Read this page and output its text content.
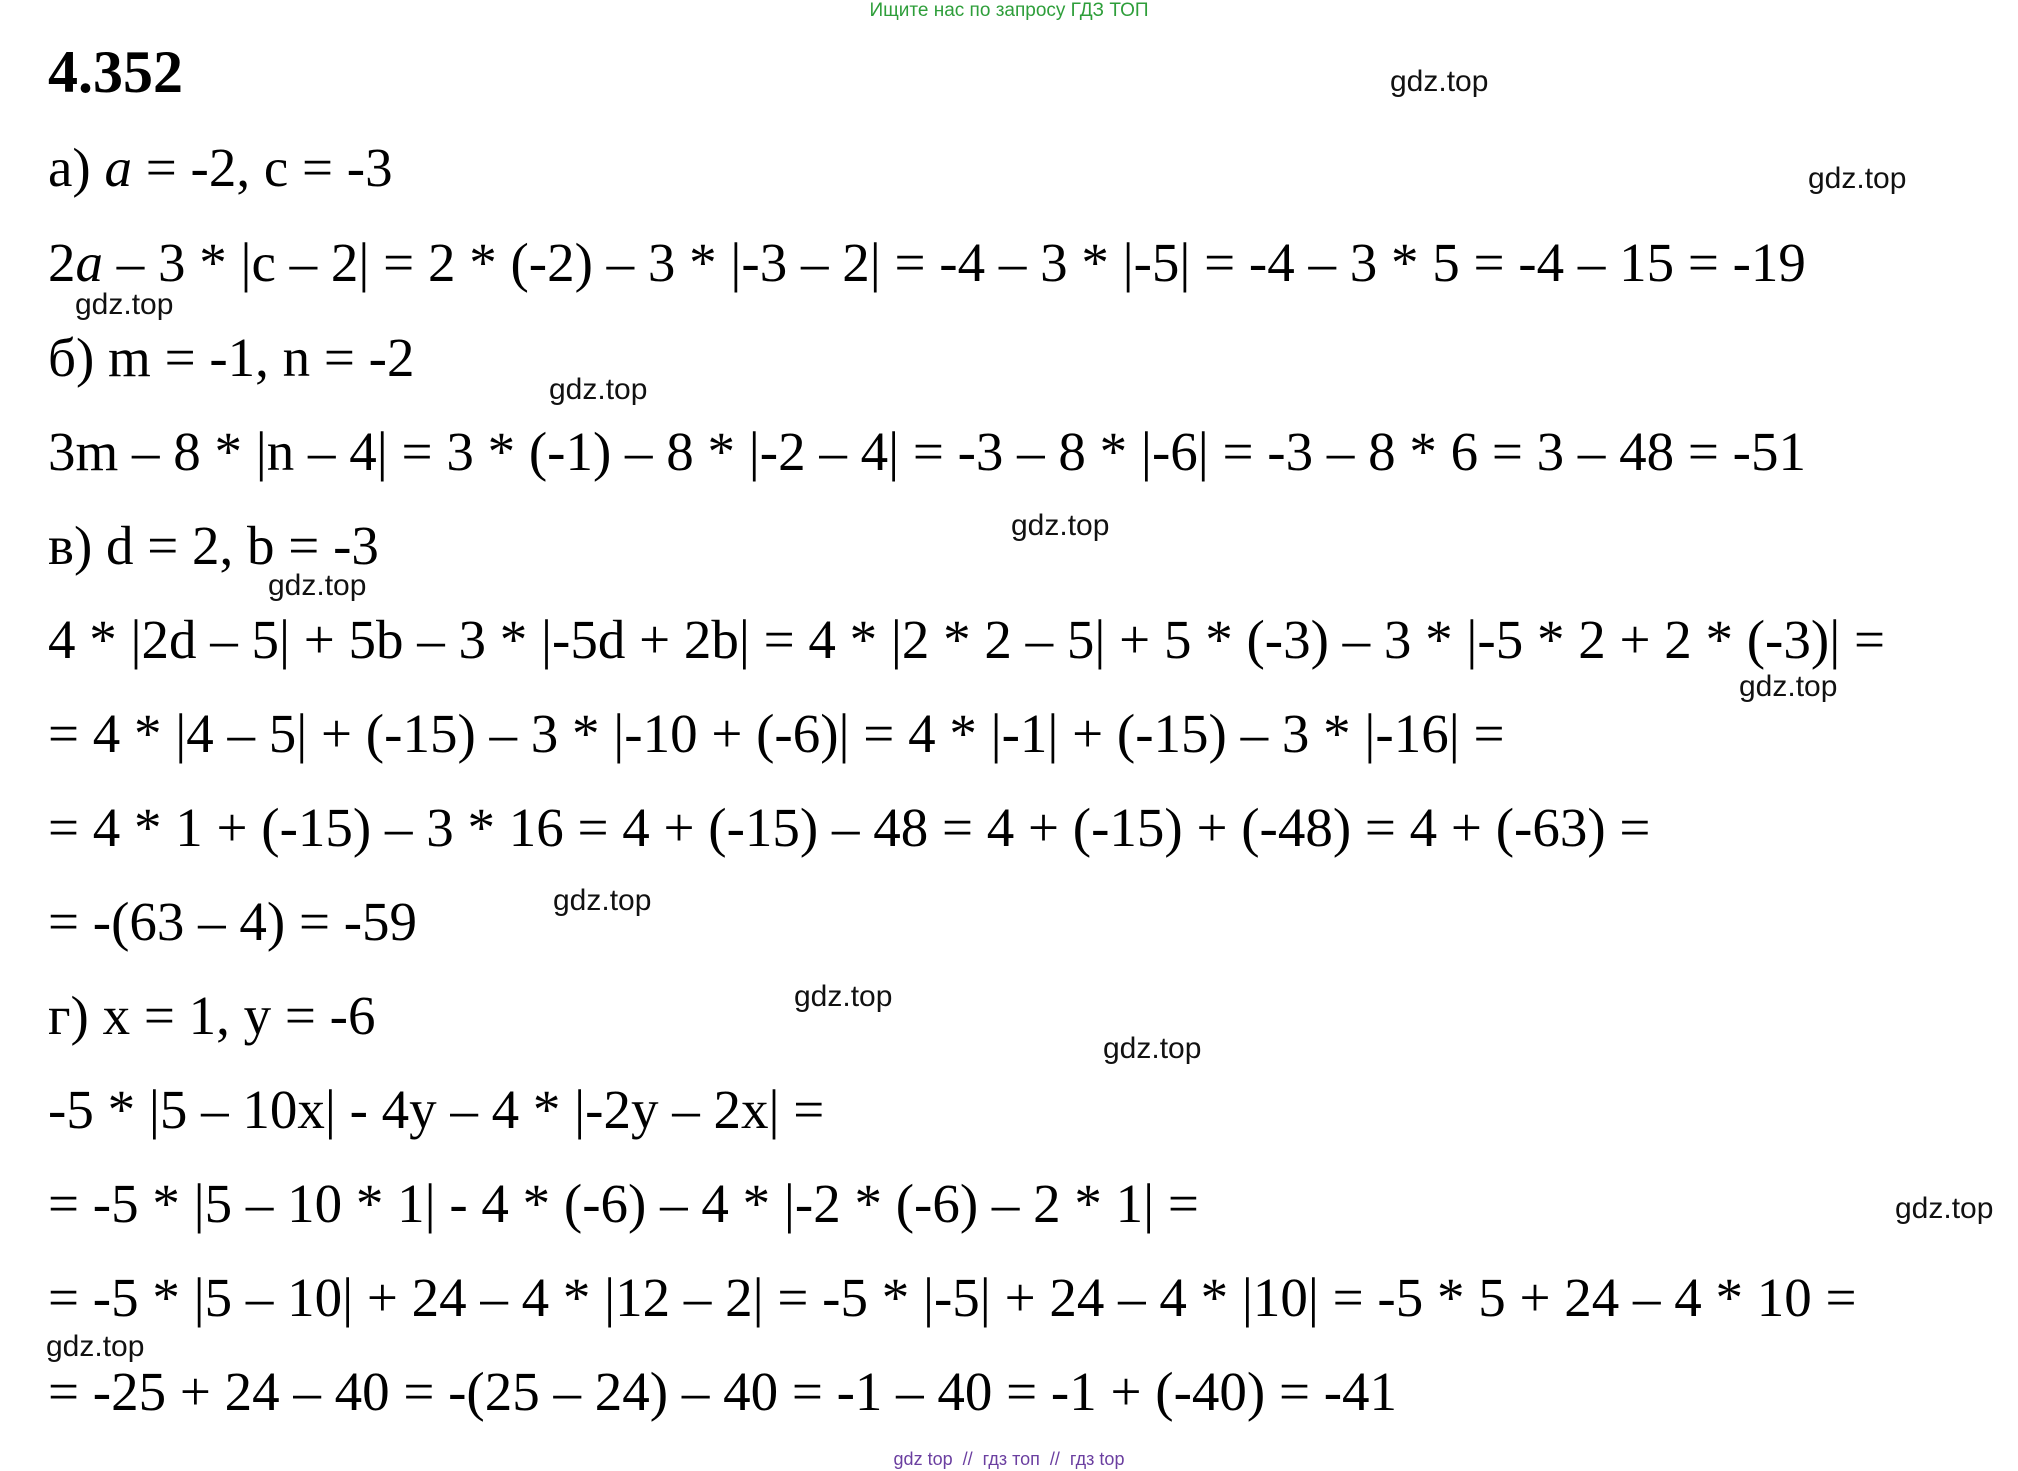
Ищите нас по запросу ГДЗ ТОП
4.352
а) a = -2, c = -3
2a – 3 * |c – 2| = 2 * (-2) – 3 * |-3 – 2| = -4 – 3 * |-5| = -4 – 3 * 5 = -4 – 15 = -19
б) m = -1, n = -2
3m – 8 * |n – 4| = 3 * (-1) – 8 * |-2 – 4| = -3 – 8 * |-6| = -3 – 8 * 6 = 3 – 48 = -51
в) d = 2, b = -3
4 * |2d – 5| + 5b – 3 * |-5d + 2b| = 4 * |2 * 2 – 5| + 5 * (-3) – 3 * |-5 * 2 + 2 * (-3)| =
= 4 * |4 – 5| + (-15) – 3 * |-10 + (-6)| = 4 * |-1| + (-15) – 3 * |-16| =
= 4 * 1 + (-15) – 3 * 16 = 4 + (-15) – 48 = 4 + (-15) + (-48) = 4 + (-63) =
= -(63 – 4) = -59
г) x = 1, y = -6
-5 * |5 – 10x| - 4y – 4 * |-2y – 2x| =
= -5 * |5 – 10 * 1| - 4 * (-6) – 4 * |-2 * (-6) – 2 * 1| =
= -5 * |5 – 10| + 24 – 4 * |12 – 2| = -5 * |-5| + 24 – 4 * |10| = -5 * 5 + 24 – 4 * 10 =
= -25 + 24 – 40 = -(25 – 24) – 40 = -1 – 40 = -1 + (-40) = -41
gdz.top
gdz.top
gdz.top
gdz.top
gdz.top
gdz.top
gdz.top
gdz.top
gdz.top
gdz.top
gdz.top
gdz.top
gdz top  //  гдз топ  //  гдз top
